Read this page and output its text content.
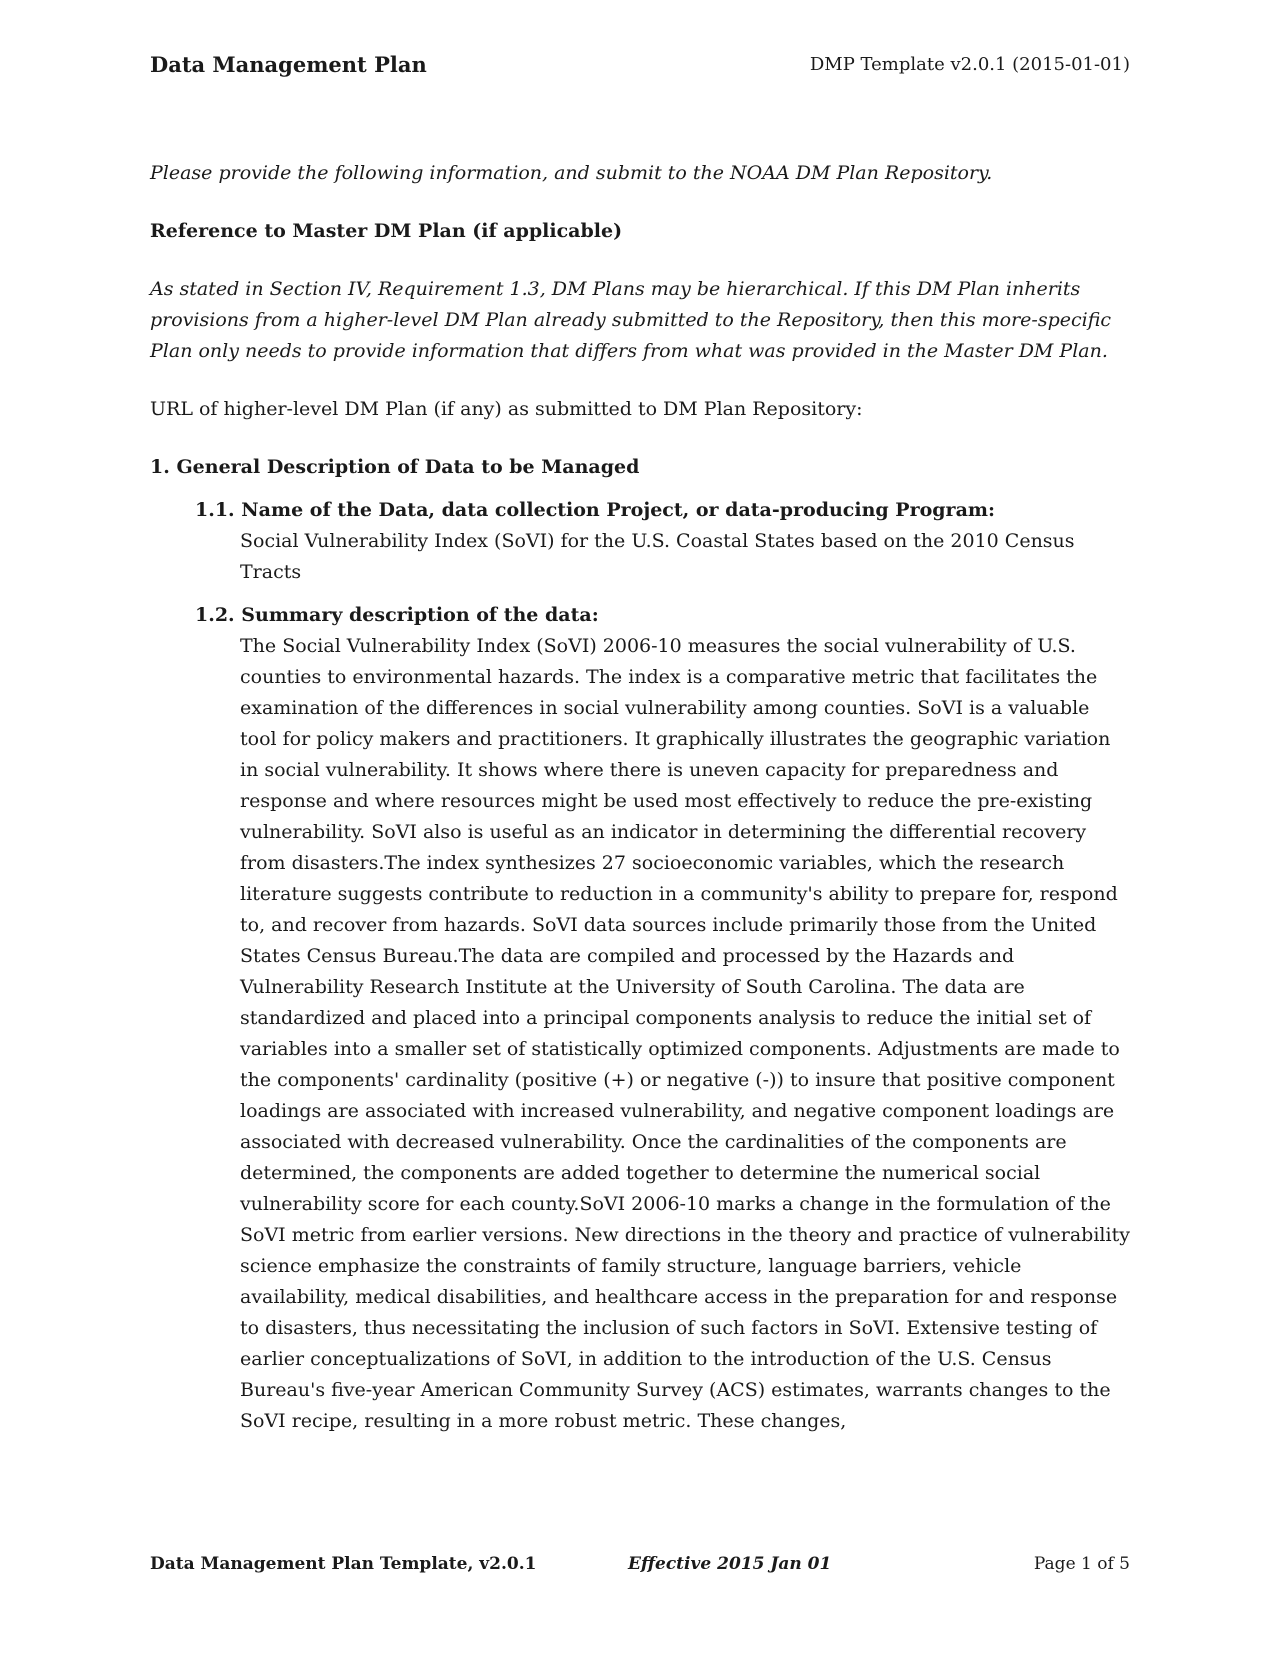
Data Management Plan	DMP Template v2.0.1 (2015-01-01)

Please provide the following information, and submit to the NOAA DM Plan Repository.

Reference to Master DM Plan (if applicable)

As stated in Section IV, Requirement 1.3, DM Plans may be hierarchical. If this DM Plan inherits provisions from a higher-level DM Plan already submitted to the Repository, then this more-specific Plan only needs to provide information that differs from what was provided in the Master DM Plan.

URL of higher-level DM Plan (if any) as submitted to DM Plan Repository:

1. General Description of Data to be Managed

1.1. Name of the Data, data collection Project, or data-producing Program:
Social Vulnerability Index (SoVI) for the U.S. Coastal States based on the 2010 Census Tracts
1.2. Summary description of the data:
The Social Vulnerability Index (SoVI) 2006-10 measures the social vulnerability of U.S. counties to environmental hazards. The index is a comparative metric that facilitates the examination of the differences in social vulnerability among counties. SoVI is a valuable tool for policy makers and practitioners. It graphically illustrates the geographic variation in social vulnerability. It shows where there is uneven capacity for preparedness and response and where resources might be used most effectively to reduce the pre-existing vulnerability. SoVI also is useful as an indicator in determining the differential recovery from disasters.The index synthesizes 27 socioeconomic variables, which the research literature suggests contribute to reduction in a community's ability to prepare for, respond to, and recover from hazards. SoVI data sources include primarily those from the United States Census Bureau.The data are compiled and processed by the Hazards and Vulnerability Research Institute at the University of South Carolina. The data are standardized and placed into a principal components analysis to reduce the initial set of variables into a smaller set of statistically optimized components. Adjustments are made to the components' cardinality (positive (+) or negative (-)) to insure that positive component loadings are associated with increased vulnerability, and negative component loadings are associated with decreased vulnerability. Once the cardinalities of the components are determined, the components are added together to determine the numerical social vulnerability score for each county.SoVI 2006-10 marks a change in the formulation of the SoVI metric from earlier versions. New directions in the theory and practice of vulnerability science emphasize the constraints of family structure, language barriers, vehicle availability, medical disabilities, and healthcare access in the preparation for and response to disasters, thus necessitating the inclusion of such factors in SoVI. Extensive testing of earlier conceptualizations of SoVI, in addition to the introduction of the U.S. Census Bureau's five-year American Community Survey (ACS) estimates, warrants changes to the SoVI recipe, resulting in a more robust metric. These changes,
Data Management Plan Template, v2.0.1	Effective 2015 Jan 01	Page 1 of 5
